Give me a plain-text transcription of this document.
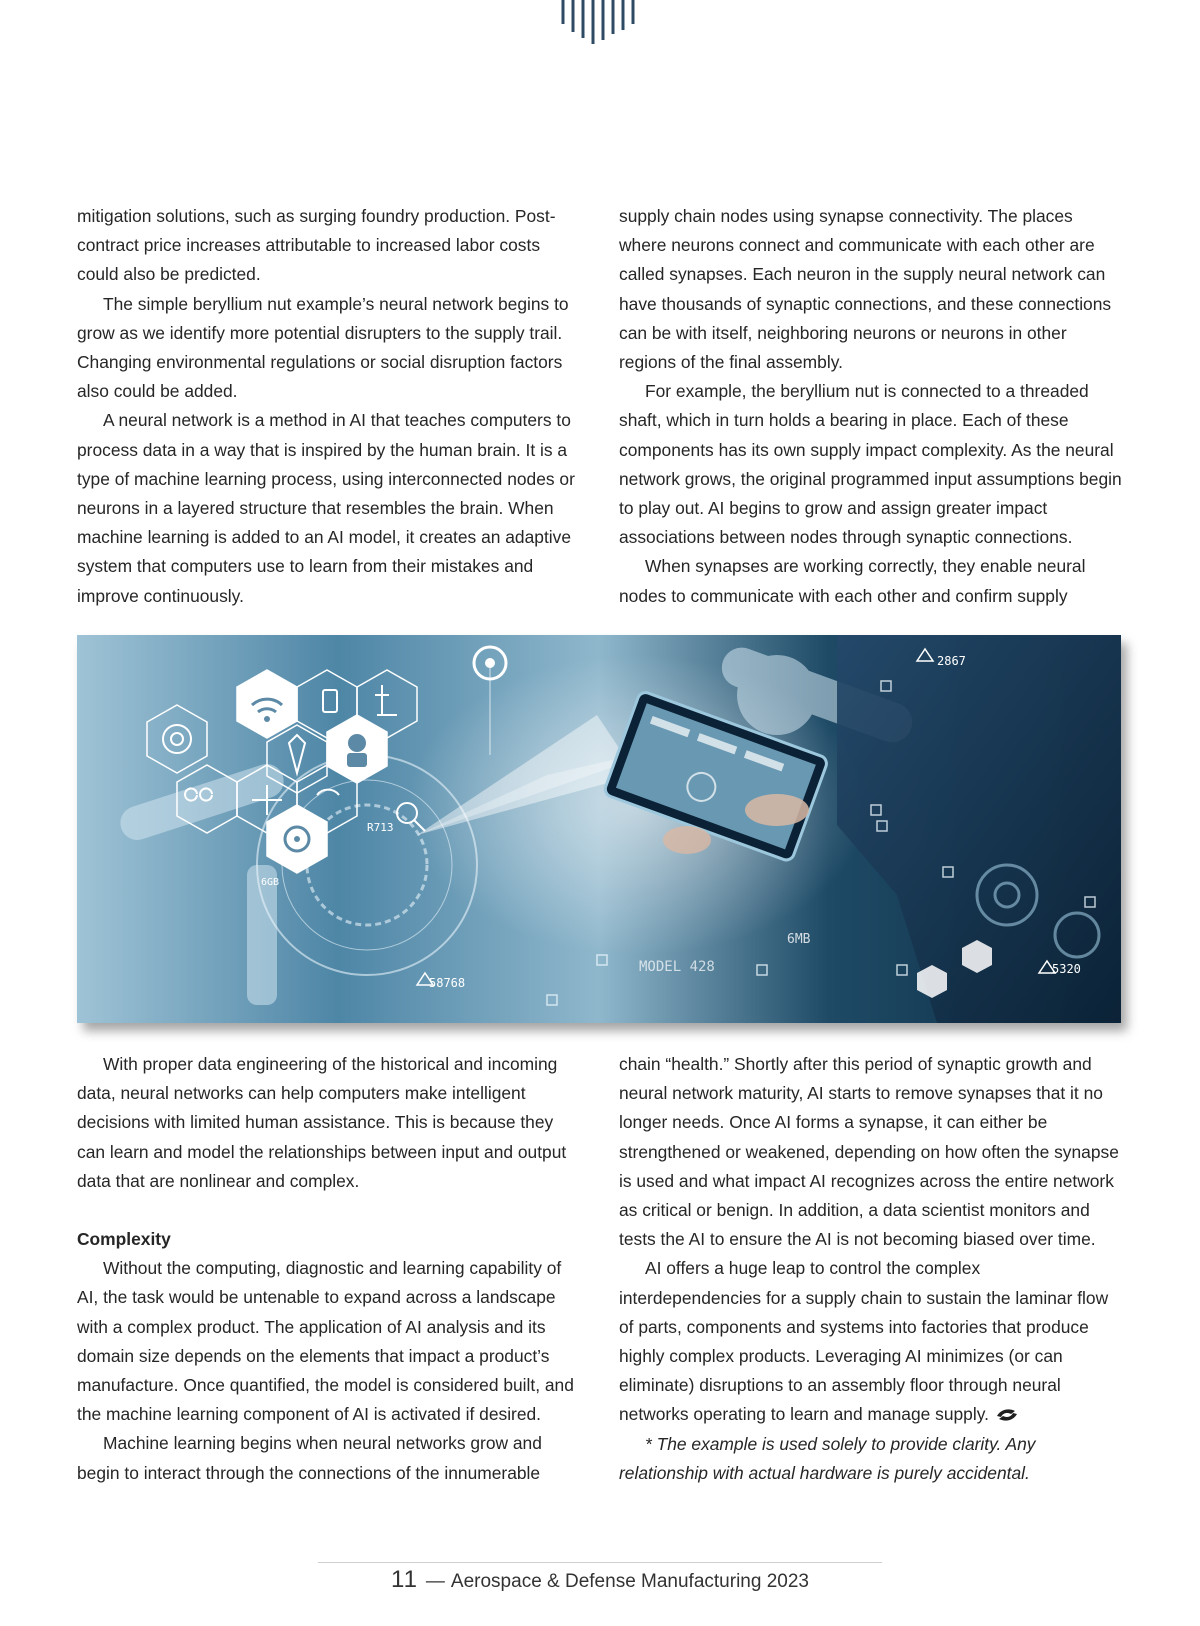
mitigation solutions, such as surging foundry production. Post-contract price increases attributable to increased labor costs could also be predicted.

The simple beryllium nut example’s neural network begins to grow as we identify more potential disrupters to the supply trail. Changing environmental regulations or social disruption factors also could be added.

A neural network is a method in AI that teaches computers to process data in a way that is inspired by the human brain. It is a type of machine learning process, using interconnected nodes or neurons in a layered structure that resembles the brain. When machine learning is added to an AI model, it creates an adaptive system that computers use to learn from their mistakes and improve continuously.

supply chain nodes using synapse connectivity. The places where neurons connect and communicate with each other are called synapses. Each neuron in the supply neural network can have thousands of synaptic connections, and these connections can be with itself, neighboring neurons or neurons in other regions of the final assembly.

For example, the beryllium nut is connected to a threaded shaft, which in turn holds a bearing in place. Each of these components has its own supply impact complexity. As the neural network grows, the original programmed input assumptions begin to play out. AI begins to grow and assign greater impact associations between nodes through synaptic connections.

When synapses are working correctly, they enable neural nodes to communicate with each other and confirm supply

2867
5320
58768
MODEL 428
6MB
R713
6GB

With proper data engineering of the historical and incoming data, neural networks can help computers make intelligent decisions with limited human assistance. This is because they can learn and model the relationships between input and output data that are nonlinear and complex.

Complexity

Without the computing, diagnostic and learning capability of AI, the task would be untenable to expand across a landscape with a complex product. The application of AI analysis and its domain size depends on the elements that impact a product’s manufacture. Once quantified, the model is considered built, and the machine learning component of AI is activated if desired.

Machine learning begins when neural networks grow and begin to interact through the connections of the innumerable

chain “health.” Shortly after this period of synaptic growth and neural network maturity, AI starts to remove synapses that it no longer needs. Once AI forms a synapse, it can either be strengthened or weakened, depending on how often the synapse is used and what impact AI recognizes across the entire network as critical or benign. In addition, a data scientist monitors and tests the AI to ensure the AI is not becoming biased over time.

AI offers a huge leap to control the complex interdependencies for a supply chain to sustain the laminar flow of parts, components and systems into factories that produce highly complex products. Leveraging AI minimizes (or can eliminate) disruptions to an assembly floor through neural networks operating to learn and manage supply.

* The example is used solely to provide clarity. Any relationship with actual hardware is purely accidental.

11 — Aerospace & Defense Manufacturing 2023
